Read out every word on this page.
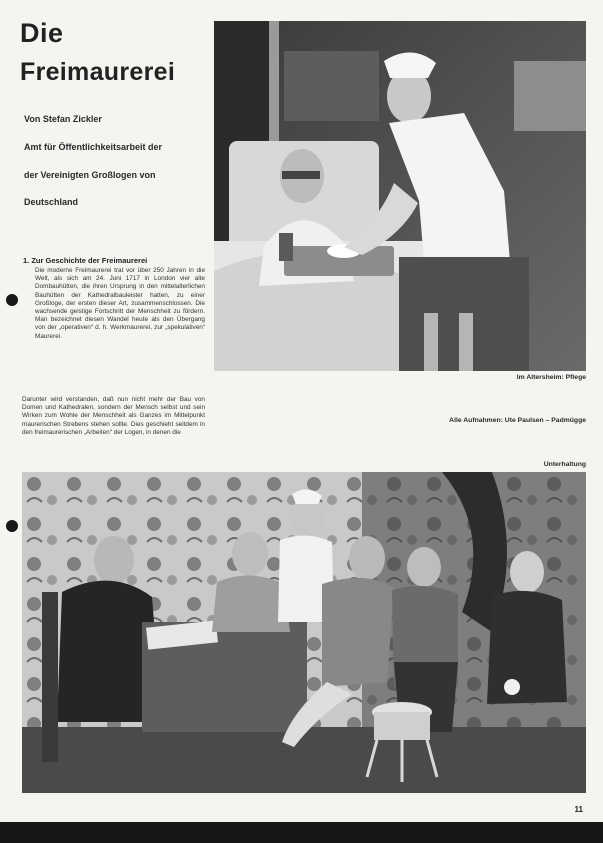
Die
Freimaurerei
Von Stefan Zickler
Amt für Öffentlichkeitsarbeit der
der Vereinigten Großlogen von
Deutschland
1. Zur Geschichte der Freimaurerei
Die moderne Freimaurerei trat vor über 250 Jahren in die Welt, als sich am 24. Juni 1717 in London vier alte Dombauhütten, die ihren Ursprung in den mittelalterlichen Bauhütten der Kathedralbauleister hatten, zu einer Großloge, der ersten dieser Art, zusammenschlossen. Die wachsende geistige Fortschritt der Menschheit zu fördern. Man bezeichnet diesen Wandel heute als den Übergang von der „operativen“ d. h. Werkmaurerei, zur „spekulativen“ Maurerei.
Darunter wird verstanden, daß nun nicht mehr der Bau von Domen und Kathedralen, sondern der Mensch selbst und sein Wirken zum Wohle der Menschheit als Ganzes im Mittelpunkt maurerischen Strebens stehen sollte. Dies geschieht seitdem in den freimaurerischen „Arbeiten“ der Logen, in denen die
Im Altersheim: Pflege
Alle Aufnahmen: Ute Paulsen – Padmügge
Unterhaltung
11
